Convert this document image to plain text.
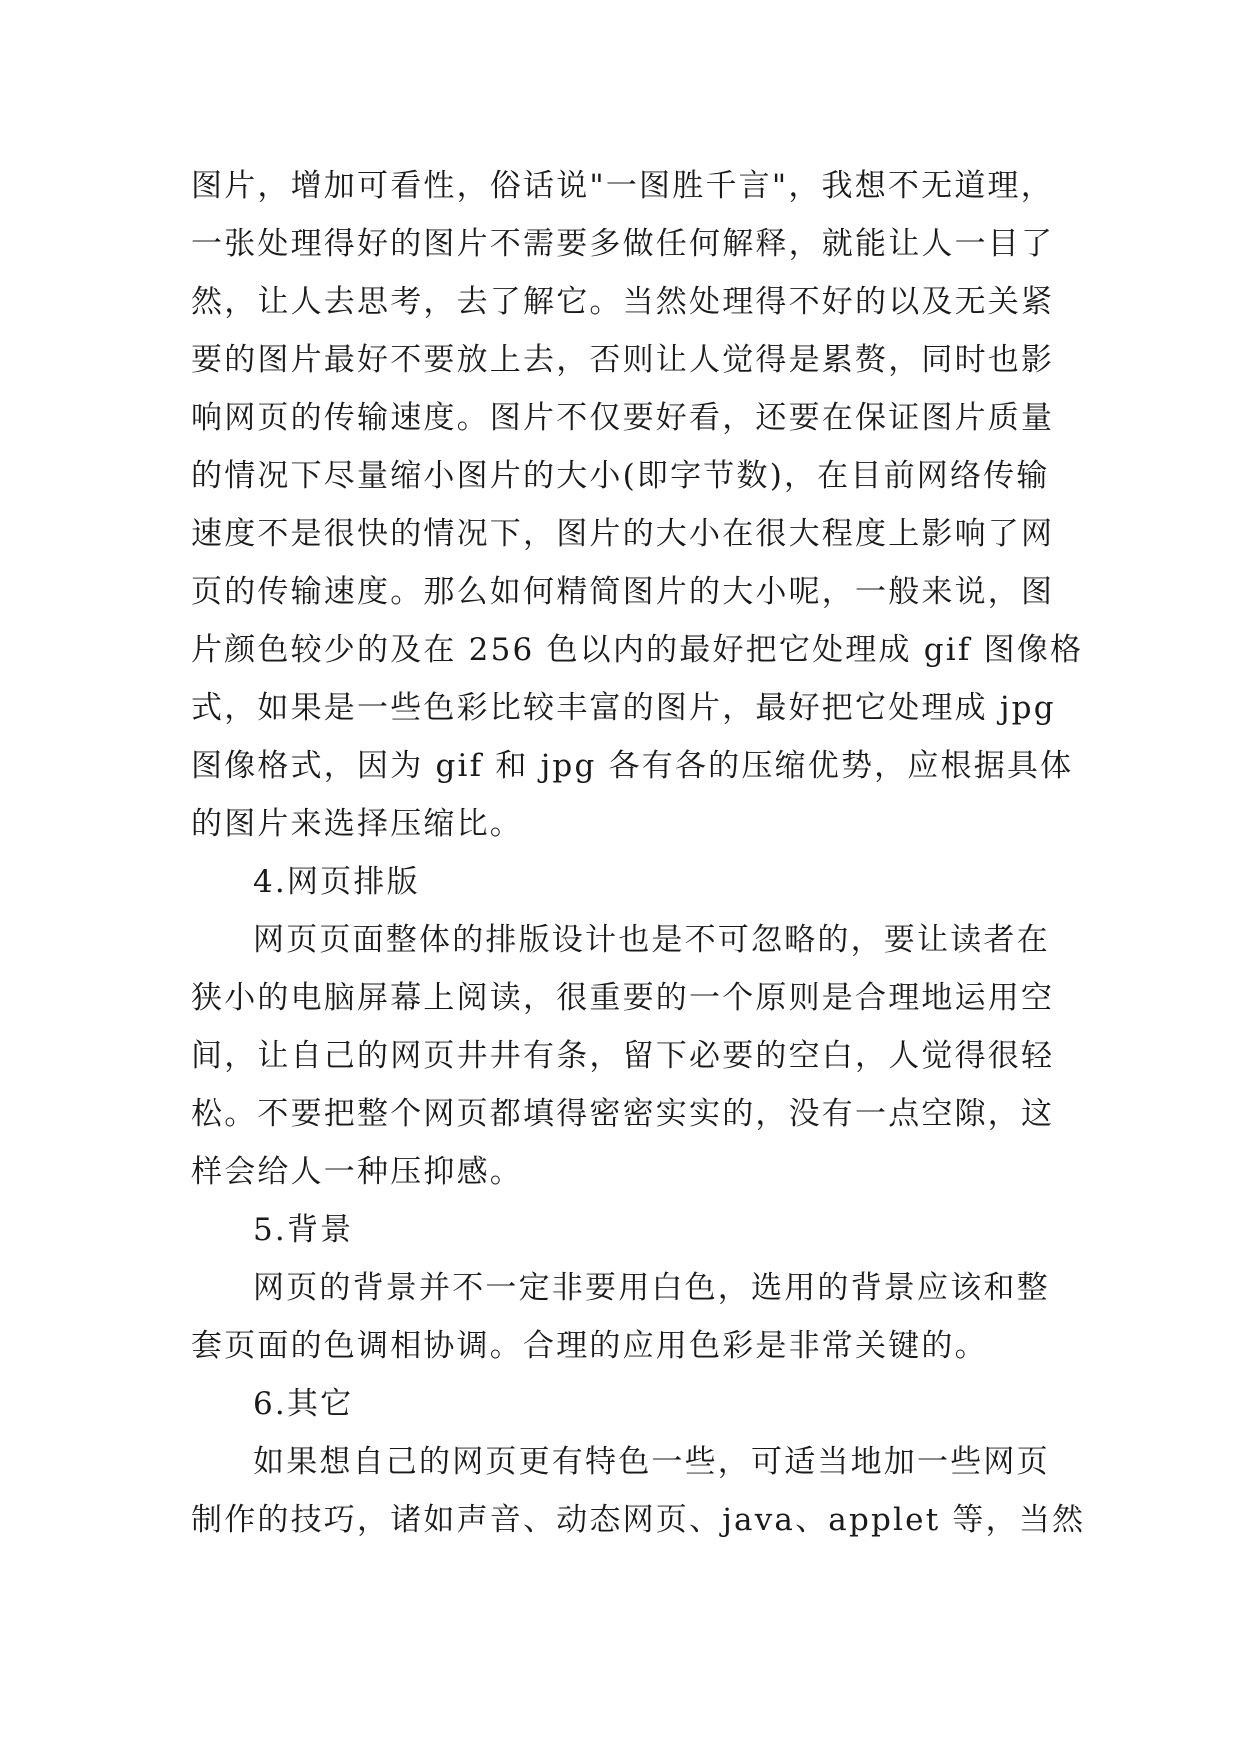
图片，增加可看性，俗话说"一图胜千言"，我想不无道理，
一张处理得好的图片不需要多做任何解释，就能让人一目了
然，让人去思考，去了解它。当然处理得不好的以及无关紧
要的图片最好不要放上去，否则让人觉得是累赘，同时也影
响网页的传输速度。图片不仅要好看，还要在保证图片质量
的情况下尽量缩小图片的大小(即字节数)，在目前网络传输
速度不是很快的情况下，图片的大小在很大程度上影响了网
页的传输速度。那么如何精简图片的大小呢，一般来说，图
片颜色较少的及在 256 色以内的最好把它处理成 gif 图像格
式，如果是一些色彩比较丰富的图片，最好把它处理成 jpg
图像格式，因为 gif 和 jpg 各有各的压缩优势，应根据具体
的图片来选择压缩比。
4.网页排版
网页页面整体的排版设计也是不可忽略的，要让读者在
狭小的电脑屏幕上阅读，很重要的一个原则是合理地运用空
间，让自己的网页井井有条，留下必要的空白，人觉得很轻
松。不要把整个网页都填得密密实实的，没有一点空隙，这
样会给人一种压抑感。
5.背景
网页的背景并不一定非要用白色，选用的背景应该和整
套页面的色调相协调。合理的应用色彩是非常关键的。
6.其它
如果想自己的网页更有特色一些，可适当地加一些网页
制作的技巧，诸如声音、动态网页、java、applet 等，当然
